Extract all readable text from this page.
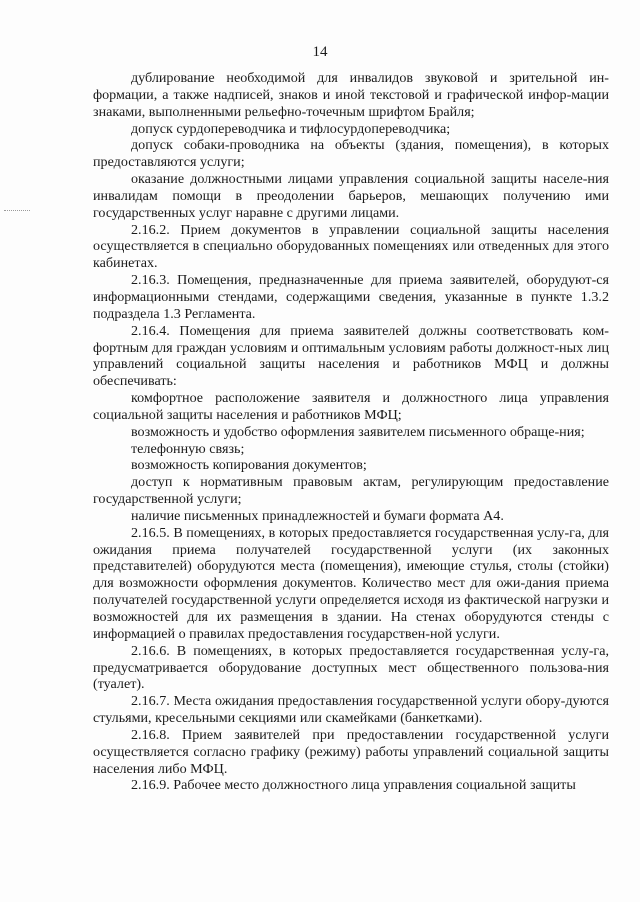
14

дублирование необходимой для инвалидов звуковой и зрительной ин-формации, а также надписей, знаков и иной текстовой и графической инфор-мации знаками, выполненными рельефно-точечным шрифтом Брайля;

допуск сурдопереводчика и тифлосурдопереводчика;

допуск собаки-проводника на объекты (здания, помещения), в которых предоставляются услуги;

оказание должностными лицами управления социальной защиты населе-ния инвалидам помощи в преодолении барьеров, мешающих получению ими государственных услуг наравне с другими лицами.

2.16.2. Прием документов в управлении социальной защиты населения осуществляется в специально оборудованных помещениях или отведенных для этого кабинетах.

2.16.3. Помещения, предназначенные для приема заявителей, оборудуют-ся информационными стендами, содержащими сведения, указанные в пункте 1.3.2 подраздела 1.3 Регламента.

2.16.4. Помещения для приема заявителей должны соответствовать ком-фортным для граждан условиям и оптимальным условиям работы должност-ных лиц управлений социальной защиты населения и работников МФЦ и должны обеспечивать:

комфортное расположение заявителя и должностного лица управления социальной защиты населения и работников МФЦ;

возможность и удобство оформления заявителем письменного обраще-ния;

телефонную связь;

возможность копирования документов;

доступ к нормативным правовым актам, регулирующим предоставление государственной услуги;

наличие письменных принадлежностей и бумаги формата А4.

2.16.5. В помещениях, в которых предоставляется государственная услу-га, для ожидания приема получателей государственной услуги (их законных представителей) оборудуются места (помещения), имеющие стулья, столы (стойки) для возможности оформления документов. Количество мест для ожи-дания приема получателей государственной услуги определяется исходя из фактической нагрузки и возможностей для их размещения в здании. На стенах оборудуются стенды с информацией о правилах предоставления государствен-ной услуги.

2.16.6. В помещениях, в которых предоставляется государственная услу-га, предусматривается оборудование доступных мест общественного пользова-ния (туалет).

2.16.7. Места ожидания предоставления государственной услуги обору-дуются стульями, кресельными секциями или скамейками (банкетками).

2.16.8. Прием заявителей при предоставлении государственной услуги осуществляется согласно графику (режиму) работы управлений социальной защиты населения либо МФЦ.

2.16.9. Рабочее место должностного лица управления социальной защиты
